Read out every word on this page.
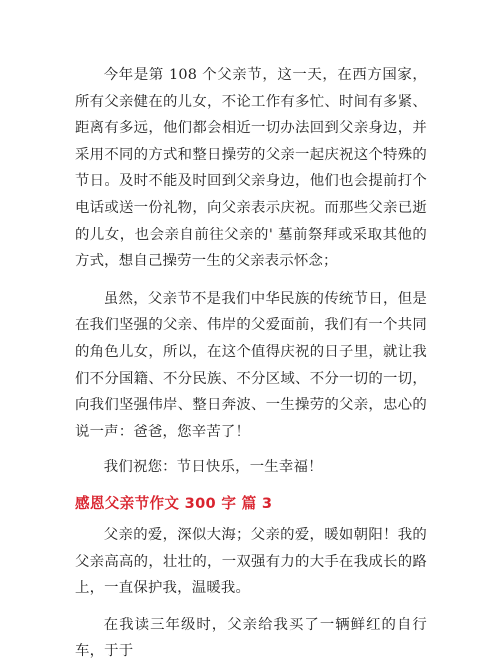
今年是第 108 个父亲节，这一天，在西方国家，所有父亲健在的儿女，不论工作有多忙、时间有多紧、距离有多远，他们都会相近一切办法回到父亲身边，并采用不同的方式和整日操劳的父亲一起庆祝这个特殊的节日。及时不能及时回到父亲身边，他们也会提前打个电话或送一份礼物，向父亲表示庆祝。而那些父亲已逝的儿女，也会亲自前往父亲的' 墓前祭拜或采取其他的方式，想自己操劳一生的父亲表示怀念；

虽然，父亲节不是我们中华民族的传统节日，但是在我们坚强的父亲、伟岸的父爱面前，我们有一个共同的角色儿女，所以，在这个值得庆祝的日子里，就让我们不分国籍、不分民族、不分区域、不分一切的一切，向我们坚强伟岸、整日奔波、一生操劳的父亲，忠心的说一声：爸爸，您辛苦了！

我们祝您：节日快乐，一生幸福！

感恩父亲节作文 300 字 篇 3

父亲的爱，深似大海；父亲的爱，暖如朝阳！我的父亲高高的，壮壮的，一双强有力的大手在我成长的路上，一直保护我，温暖我。

在我读三年级时，父亲给我买了一辆鲜红的自行车，于于
